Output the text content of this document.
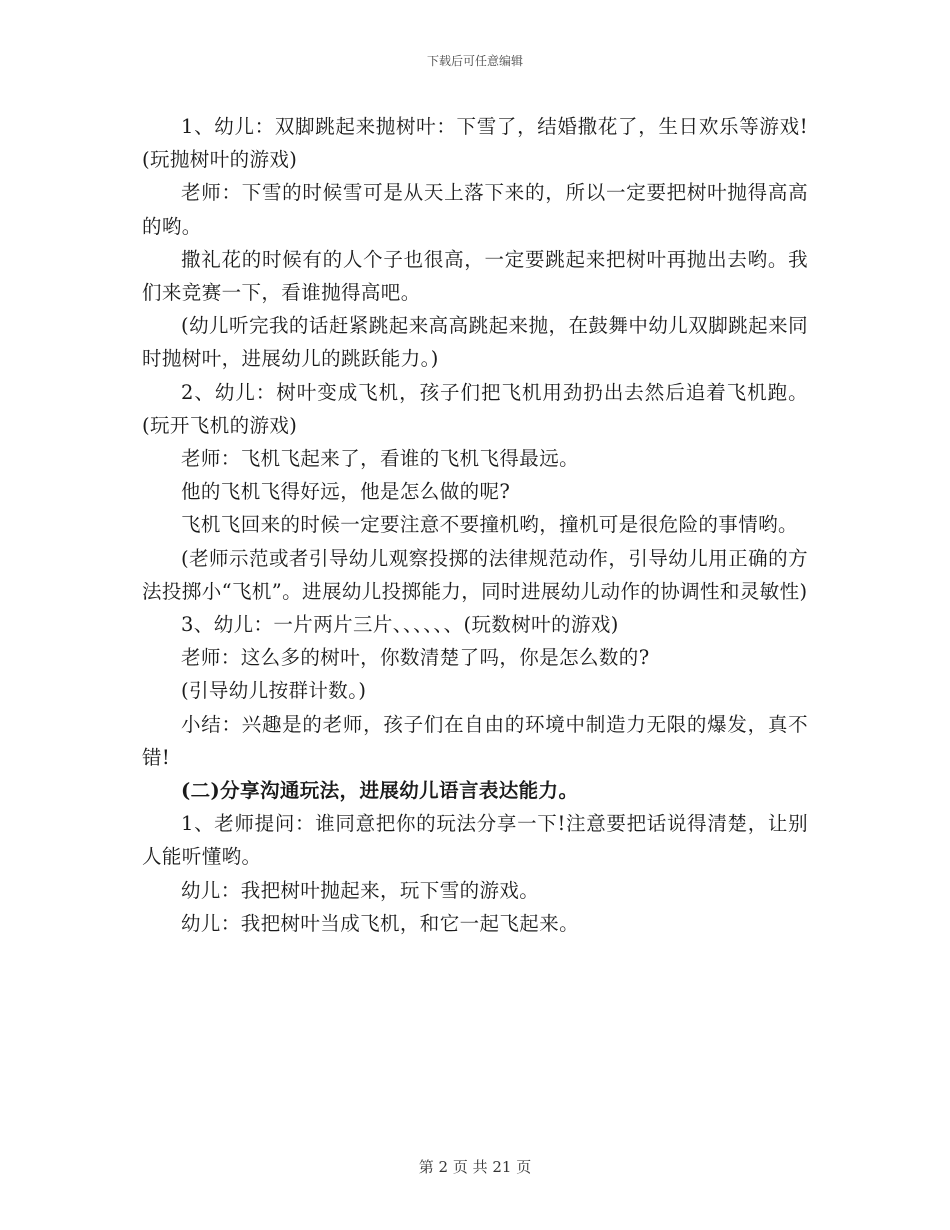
下载后可任意编辑

1、幼儿：双脚跳起来抛树叶：下雪了，结婚撒花了，生日欢乐等游戏!(玩抛树叶的游戏)

老师：下雪的时候雪可是从天上落下来的，所以一定要把树叶抛得高高的哟。

撒礼花的时候有的人个子也很高，一定要跳起来把树叶再抛出去哟。我们来竞赛一下，看谁抛得高吧。

(幼儿听完我的话赶紧跳起来高高跳起来抛，在鼓舞中幼儿双脚跳起来同时抛树叶，进展幼儿的跳跃能力。)

2、幼儿：树叶变成飞机，孩子们把飞机用劲扔出去然后追着飞机跑。(玩开飞机的游戏)

老师：飞机飞起来了，看谁的飞机飞得最远。

他的飞机飞得好远，他是怎么做的呢?

飞机飞回来的时候一定要注意不要撞机哟，撞机可是很危险的事情哟。

(老师示范或者引导幼儿观察投掷的法律规范动作，引导幼儿用正确的方法投掷小“飞机”。进展幼儿投掷能力，同时进展幼儿动作的协调性和灵敏性)

3、幼儿：一片两片三片、、、、、、(玩数树叶的游戏)

老师：这么多的树叶，你数清楚了吗，你是怎么数的?

(引导幼儿按群计数。)

小结：兴趣是的老师，孩子们在自由的环境中制造力无限的爆发，真不错!

(二)分享沟通玩法，进展幼儿语言表达能力。

1、老师提问：谁同意把你的玩法分享一下!注意要把话说得清楚，让别人能听懂哟。

幼儿：我把树叶抛起来，玩下雪的游戏。

幼儿：我把树叶当成飞机，和它一起飞起来。

第 2 页 共 21 页
